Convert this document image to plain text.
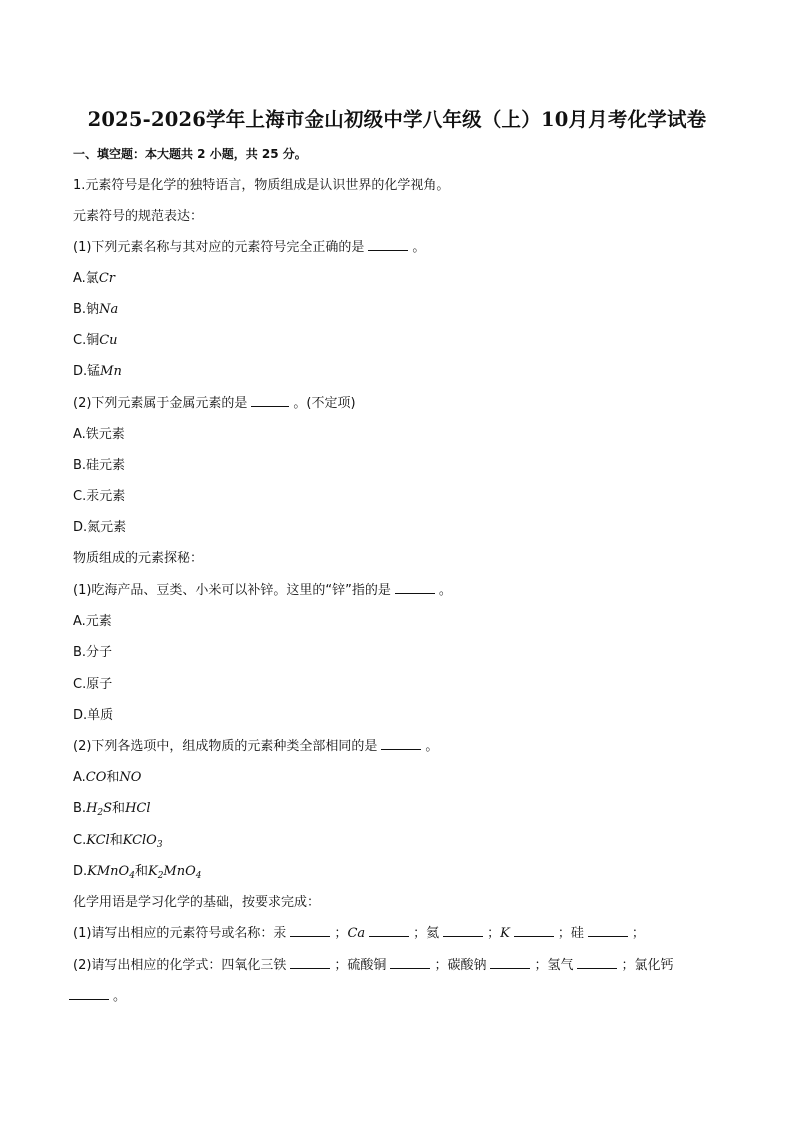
2025-2026学年上海市金山初级中学八年级（上）10月月考化学试卷
一、填空题：本大题共 2 小题，共 25 分。
1.元素符号是化学的独特语言，物质组成是认识世界的化学视角。
元素符号的规范表达：
(1)下列元素名称与其对应的元素符号完全正确的是	。
A.氯Cr
B.钠Na
C.铜Cu
D.锰Mn
(2)下列元素属于金属元素的是	。(不定项)
A.铁元素
B.硅元素
C.汞元素
D.氮元素
物质组成的元素探秘：
(1)吃海产品、豆类、小米可以补锌。这里的“锌”指的是	。
A.元素
B.分子
C.原子
D.单质
(2)下列各选项中，组成物质的元素种类全部相同的是	。
A.CO和NO
$B.H_2S$和HCl
C.KCl和KClO$_3$
D.KMnO$_4$和$K_2MnO_4$
化学用语是学习化学的基础，按要求完成：
(1)请写出相应的元素符号或名称：汞	；Ca	；氦	；K	；硅	；
(2)请写出相应的化学式：四氧化三铁	；硫酸铜	；碳酸钠	；氢气	；氯化钙
。
